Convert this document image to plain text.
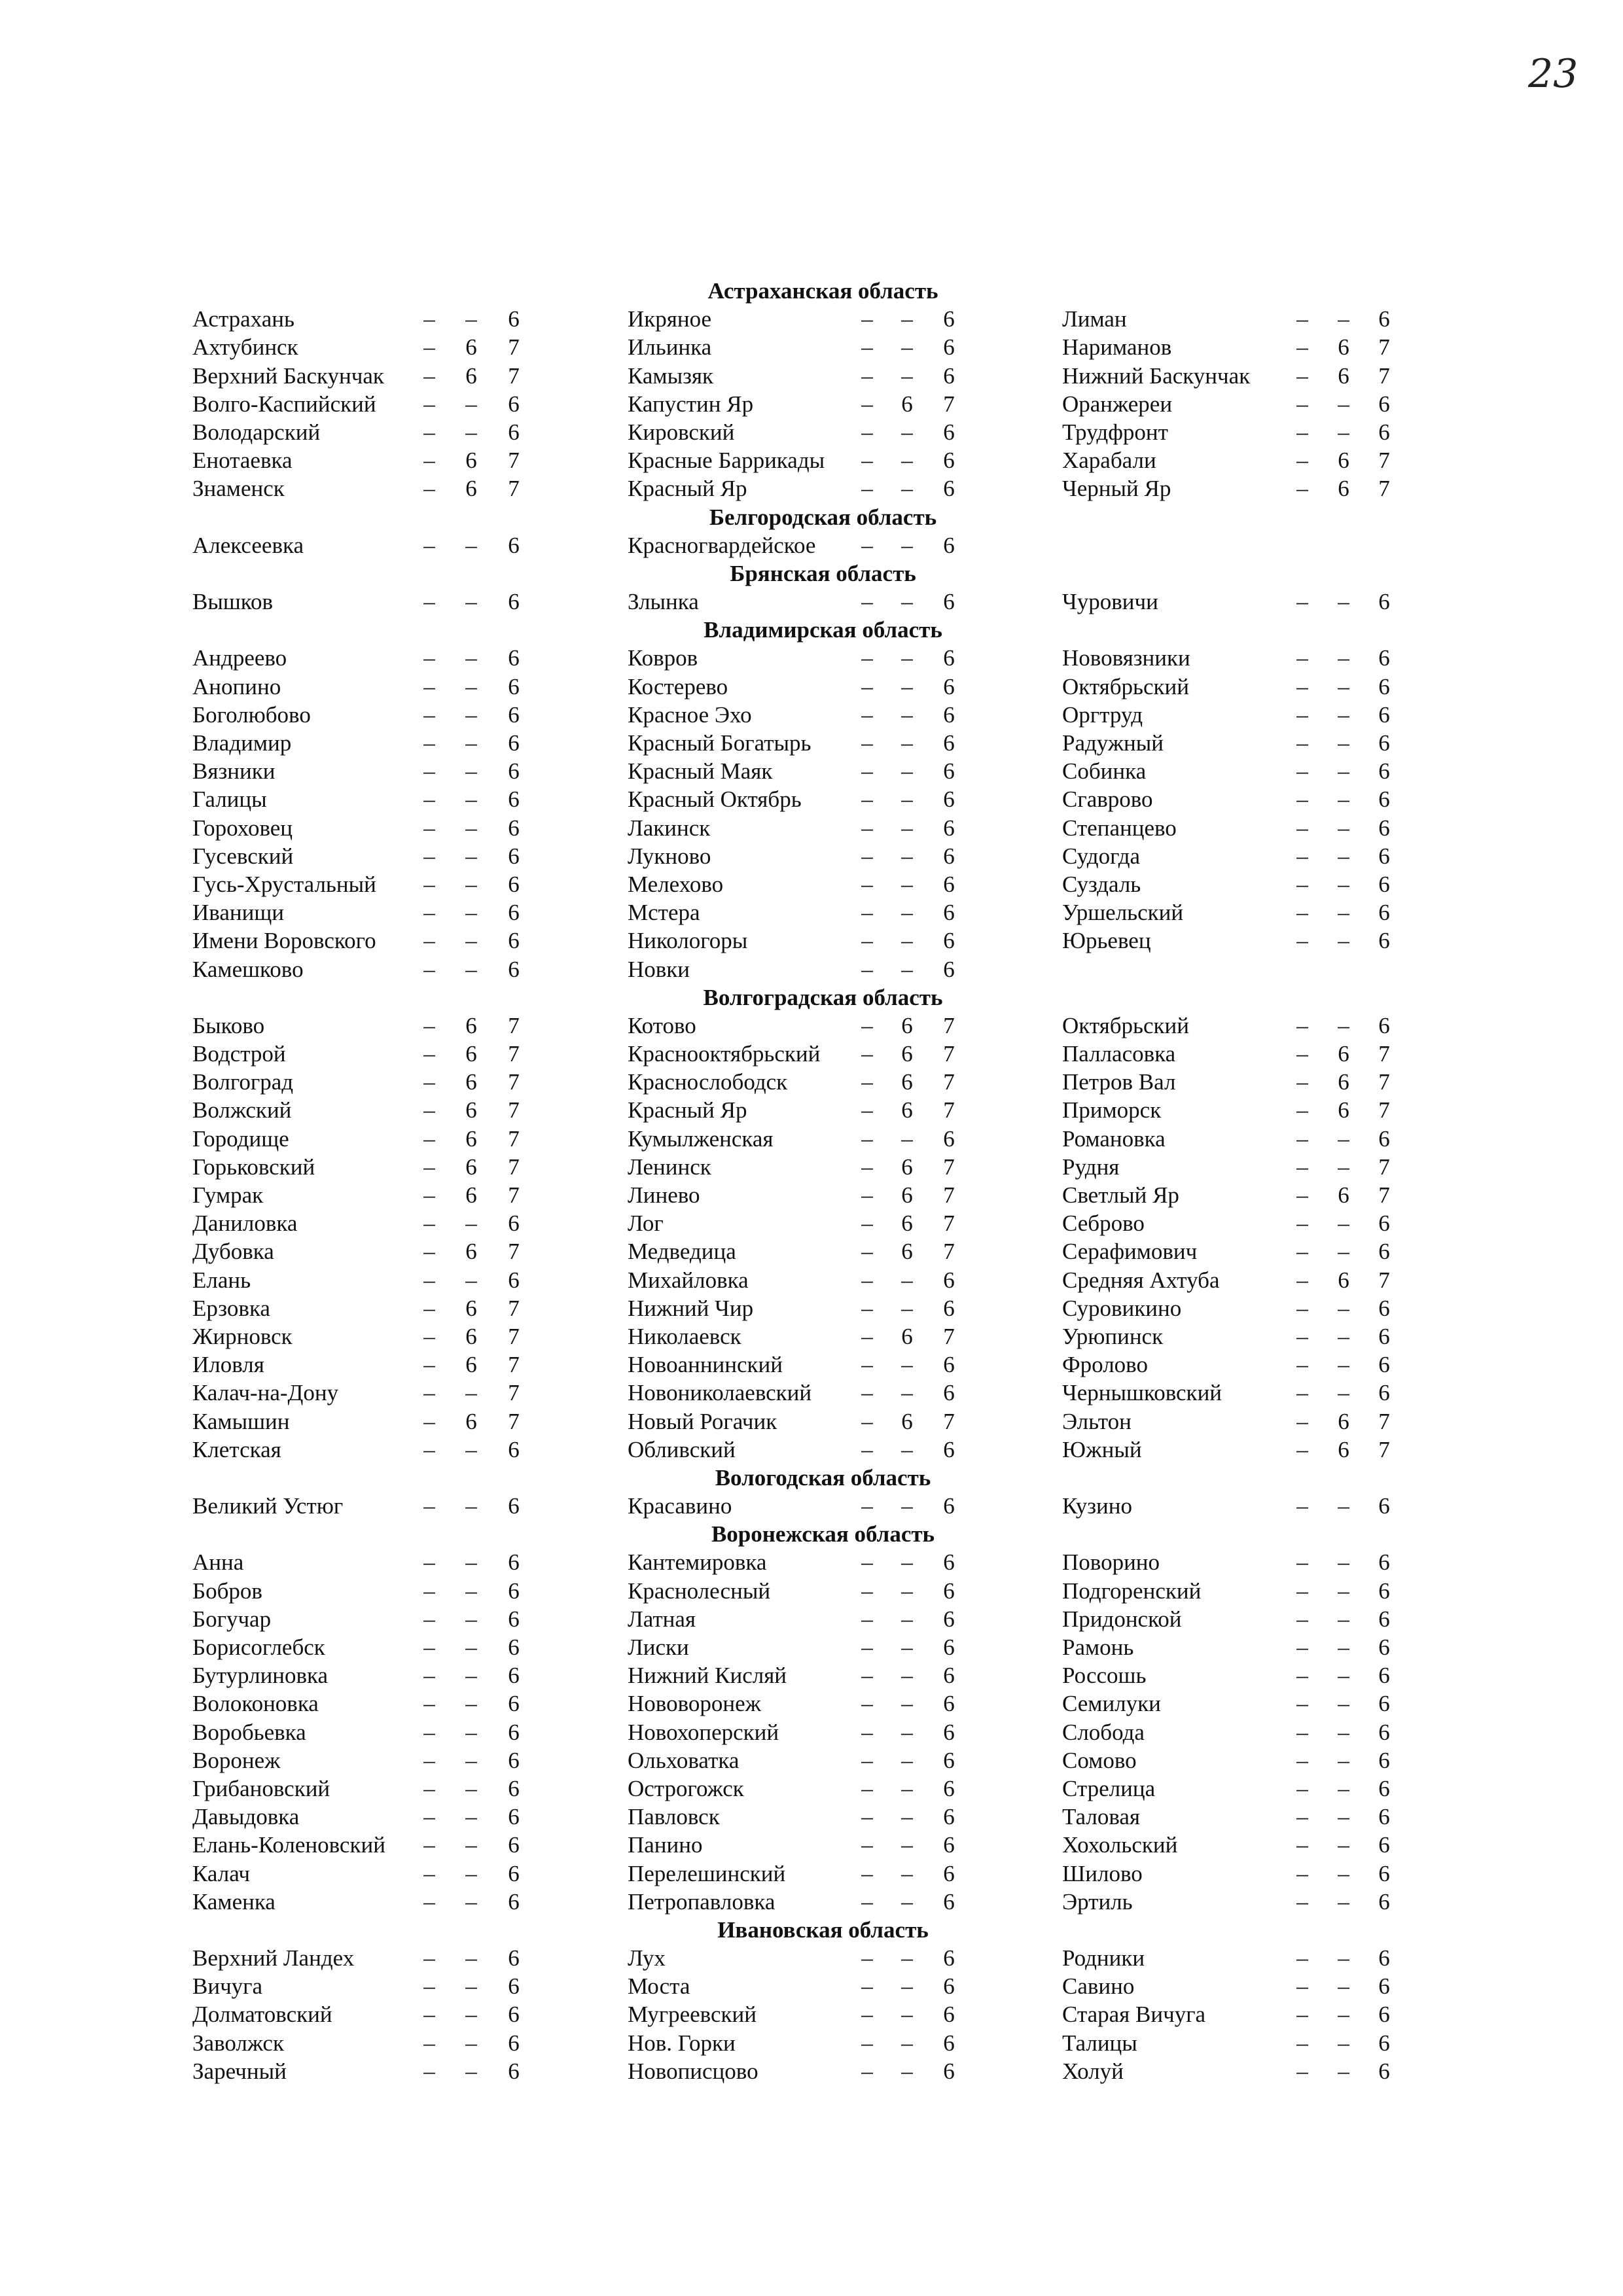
23
Астраханская область
Астрахань	– – 6	Икряное	– – 6	Лиман	– – 6
Ахтубинск	– 6 7	Ильинка	– – 6	Нариманов	– 6 7
Верхний Баскунчак	– 6 7	Камызяк	– – 6	Нижний Баскунчак	– 6 7
Волго-Каспийский	– – 6	Капустин Яр	– 6 7	Оранжереи	– – 6
Володарский	– – 6	Кировский	– – 6	Трудфронт	– – 6
Енотаевка	– 6 7	Красные Баррикады	– – 6	Харабали	– 6 7
Знаменск	– 6 7	Красный Яр	– – 6	Черный Яр	– 6 7
Белгородская область
Алексеевка	– – 6	Красногвардейское	– – 6
Брянская область
Вышков	– – 6	Злынка	– – 6	Чуровичи	– – 6
Владимирская область
Андреево	– – 6	Ковров	– – 6	Нововязники	– – 6
Анопино	– – 6	Костерево	– – 6	Октябрьский	– – 6
Боголюбово	– – 6	Красное Эхо	– – 6	Оргтруд	– – 6
Владимир	– – 6	Красный Богатырь	– – 6	Радужный	– – 6
Вязники	– – 6	Красный Маяк	– – 6	Собинка	– – 6
Галицы	– – 6	Красный Октябрь	– – 6	Сгаврово	– – 6
Гороховец	– – 6	Лакинск	– – 6	Степанцево	– – 6
Гусевский	– – 6	Лукново	– – 6	Судогда	– – 6
Гусь-Хрустальный	– – 6	Мелехово	– – 6	Суздаль	– – 6
Иванищи	– – 6	Мстера	– – 6	Уршельский	– – 6
Имени Воровского	– – 6	Никологоры	– – 6	Юрьевец	– – 6
Камешково	– – 6	Новки	– – 6
Волгоградская область
Быково	– 6 7	Котово	– 6 7	Октябрьский	– – 6
Водстрой	– 6 7	Краснооктябрьский	– 6 7	Палласовка	– 6 7
Волгоград	– 6 7	Краснослободск	– 6 7	Петров Вал	– 6 7
Волжский	– 6 7	Красный Яр	– 6 7	Приморск	– 6 7
Городище	– 6 7	Кумылженская	– – 6	Романовка	– – 6
Горьковский	– 6 7	Ленинск	– 6 7	Рудня	– – 7
Гумрак	– 6 7	Линево	– 6 7	Светлый Яр	– 6 7
Даниловка	– – 6	Лог	– 6 7	Себрово	– – 6
Дубовка	– 6 7	Медведица	– 6 7	Серафимович	– – 6
Елань	– – 6	Михайловка	– – 6	Средняя Ахтуба	– 6 7
Ерзовка	– 6 7	Нижний Чир	– – 6	Суровикино	– – 6
Жирновск	– 6 7	Николаевск	– 6 7	Урюпинск	– – 6
Иловля	– 6 7	Новоаннинский	– – 6	Фролово	– – 6
Калач-на-Дону	– – 7	Новониколаевский	– – 6	Чернышковский	– – 6
Камышин	– 6 7	Новый Рогачик	– 6 7	Эльтон	– 6 7
Клетская	– – 6	Обливский	– – 6	Южный	– 6 7
Вологодская область
Великий Устюг	– – 6	Красавино	– – 6	Кузино	– – 6
Воронежская область
Анна	– – 6	Кантемировка	– – 6	Поворино	– – 6
Бобров	– – 6	Краснолесный	– – 6	Подгоренский	– – 6
Богучар	– – 6	Латная	– – 6	Придонской	– – 6
Борисоглебск	– – 6	Лиски	– – 6	Рамонь	– – 6
Бутурлиновка	– – 6	Нижний Кисляй	– – 6	Россошь	– – 6
Волоконовка	– – 6	Нововоронеж	– – 6	Семилуки	– – 6
Воробьевка	– – 6	Новохоперский	– – 6	Слобода	– – 6
Воронеж	– – 6	Ольховатка	– – 6	Сомово	– – 6
Грибановский	– – 6	Острогожск	– – 6	Стрелица	– – 6
Давыдовка	– – 6	Павловск	– – 6	Таловая	– – 6
Елань-Коленовский	– – 6	Панино	– – 6	Хохольский	– – 6
Калач	– – 6	Перелешинский	– – 6	Шилово	– – 6
Каменка	– – 6	Петропавловка	– – 6	Эртиль	– – 6
Ивановская область
Верхний Ландех	– – 6	Лух	– – 6	Родники	– – 6
Вичуга	– – 6	Моста	– – 6	Савино	– – 6
Долматовский	– – 6	Мугреевский	– – 6	Старая Вичуга	– – 6
Заволжск	– – 6	Нов. Горки	– – 6	Талицы	– – 6
Заречный	– – 6	Новописцово	– – 6	Холуй	– – 6
